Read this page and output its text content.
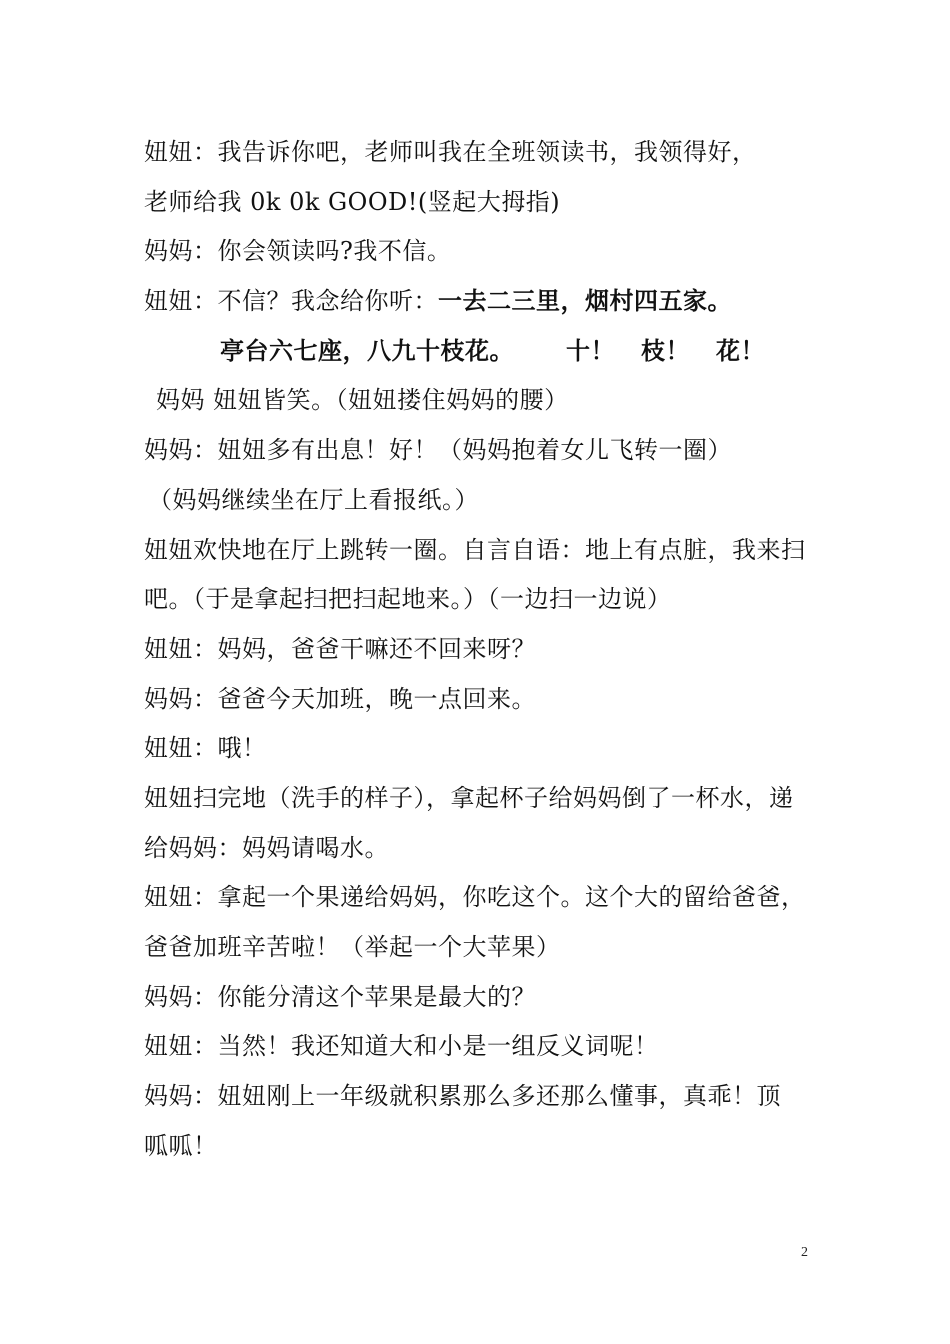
妞妞：我告诉你吧，老师叫我在全班领读书，我领得好，
老师给我 0k 0k GOOD!(竖起大拇指)
妈妈：你会领读吗?我不信。
妞妞：不信？我念给你听：一去二三里，烟村四五家。
亭台六七座，八九十枝花。 十！ 枝！ 花！
妈妈 妞妞皆笑。（妞妞搂住妈妈的腰）
妈妈：妞妞多有出息！好！（妈妈抱着女儿飞转一圈）
（妈妈继续坐在厅上看报纸。）
妞妞欢快地在厅上跳转一圈。自言自语：地上有点脏，我来扫
吧。（于是拿起扫把扫起地来。）（一边扫一边说）
妞妞：妈妈，爸爸干嘛还不回来呀？
妈妈：爸爸今天加班，晚一点回来。
妞妞：哦！
妞妞扫完地（洗手的样子），拿起杯子给妈妈倒了一杯水，递
给妈妈：妈妈请喝水。
妞妞：拿起一个果递给妈妈，你吃这个。这个大的留给爸爸，
爸爸加班辛苦啦！（举起一个大苹果）
妈妈：你能分清这个苹果是最大的？
妞妞：当然！我还知道大和小是一组反义词呢！
妈妈：妞妞刚上一年级就积累那么多还那么懂事，真乖！顶
呱呱！
2
